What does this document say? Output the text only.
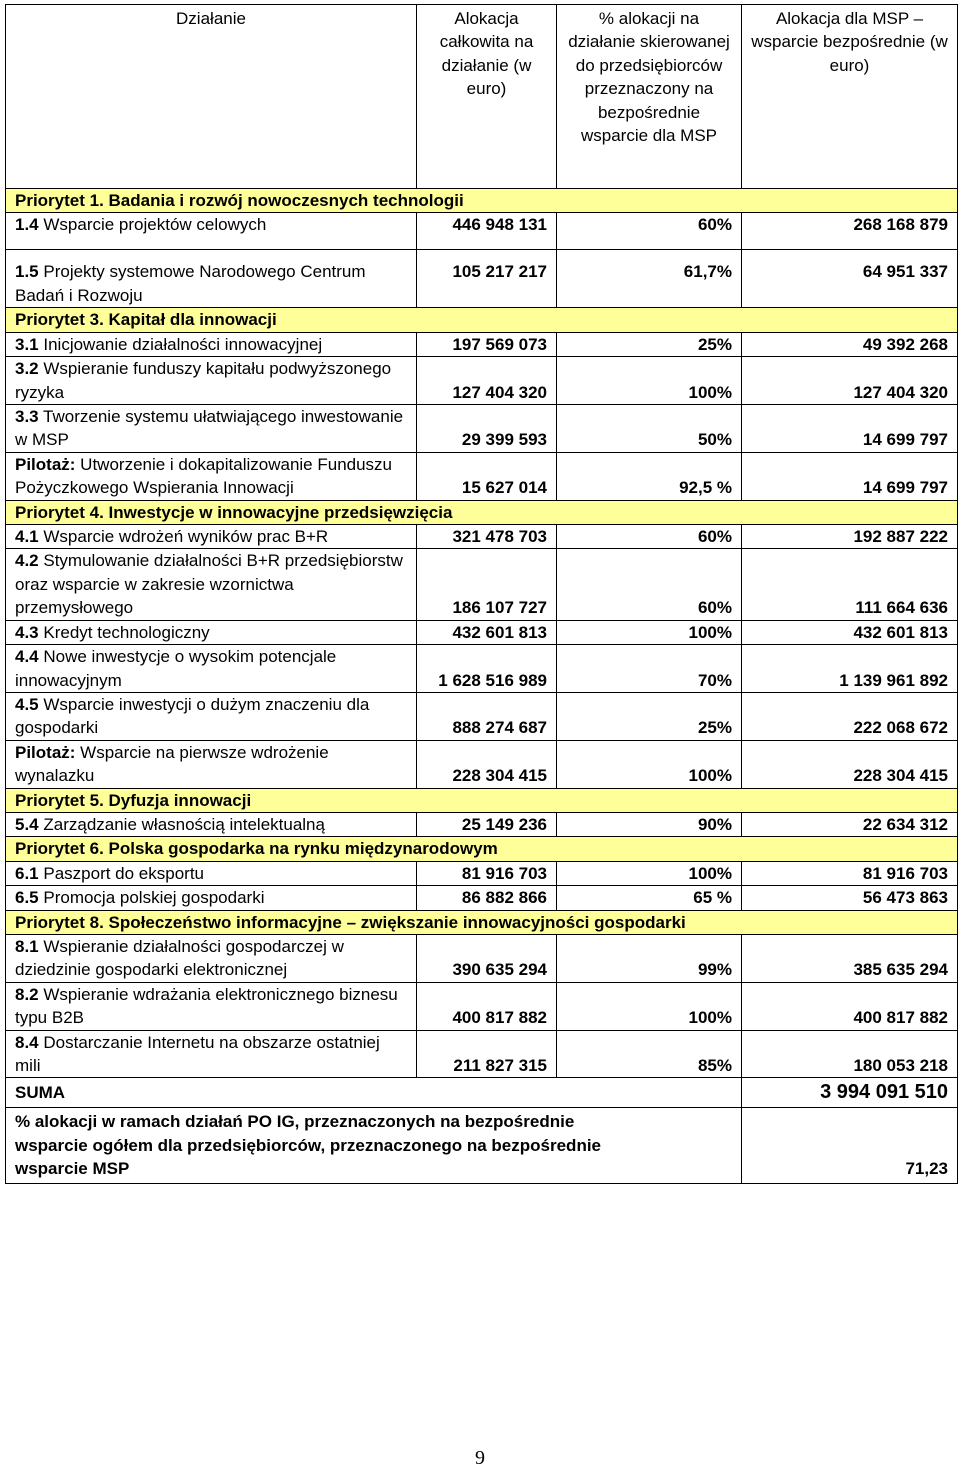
Działanie	Alokacja całkowita na działanie (w euro)	% alokacji na działanie skierowanej do przedsiębiorców przeznaczony na bezpośrednie wsparcie dla MSP	Alokacja dla MSP – wsparcie bezpośrednie (w euro)
Priorytet 1. Badania i rozwój nowoczesnych technologii			
1.4 Wsparcie projektów celowych	446 948 131	60%	268 168 879
1.5 Projekty systemowe Narodowego Centrum Badań i Rozwoju	105 217 217	61,7%	64 951 337
Priorytet 3. Kapitał dla innowacji			
3.1 Inicjowanie działalności innowacyjnej	197 569 073	25%	49 392 268
3.2 Wspieranie funduszy kapitału podwyższonego ryzyka	127 404 320	100%	127 404 320
3.3 Tworzenie systemu ułatwiającego inwestowanie w MSP	29 399 593	50%	14 699 797
Pilotaż: Utworzenie i dokapitalizowanie Funduszu Pożyczkowego Wspierania Innowacji	15 627 014	92,5 %	14 699 797
Priorytet 4. Inwestycje w innowacyjne przedsięwzięcia			
4.1 Wsparcie wdrożeń wyników prac B+R	321 478 703	60%	192 887 222
4.2 Stymulowanie działalności B+R przedsiębiorstw oraz wsparcie w zakresie wzornictwa przemysłowego	186 107 727	60%	111 664 636
4.3 Kredyt technologiczny	432 601 813	100%	432 601 813
4.4 Nowe inwestycje o wysokim potencjale innowacyjnym	1 628 516 989	70%	1 139 961 892
4.5 Wsparcie inwestycji o dużym znaczeniu dla gospodarki	888 274 687	25%	222 068 672
Pilotaż: Wsparcie na pierwsze wdrożenie wynalazku	228 304 415	100%	228 304 415
Priorytet 5. Dyfuzja innowacji			
5.4 Zarządzanie własnością intelektualną	25 149 236	90%	22 634 312
Priorytet 6. Polska gospodarka na rynku międzynarodowym			
6.1 Paszport do eksportu	81 916 703	100%	81 916 703
6.5 Promocja polskiej gospodarki	86 882 866	65 %	56 473 863
Priorytet 8. Społeczeństwo informacyjne – zwiększanie innowacyjności gospodarki			
8.1 Wspieranie działalności gospodarczej w dziedzinie gospodarki elektronicznej	390 635 294	99%	385 635 294
8.2 Wspieranie wdrażania elektronicznego biznesu typu B2B	400 817 882	100%	400 817 882
8.4 Dostarczanie Internetu na obszarze ostatniej mili	211 827 315	85%	180 053 218
SUMA			3 994 091 510
% alokacji w ramach działań PO IG, przeznaczonych na bezpośrednie wsparcie ogółem dla przedsiębiorców, przeznaczonego na bezpośrednie wsparcie MSP			71,23
9
